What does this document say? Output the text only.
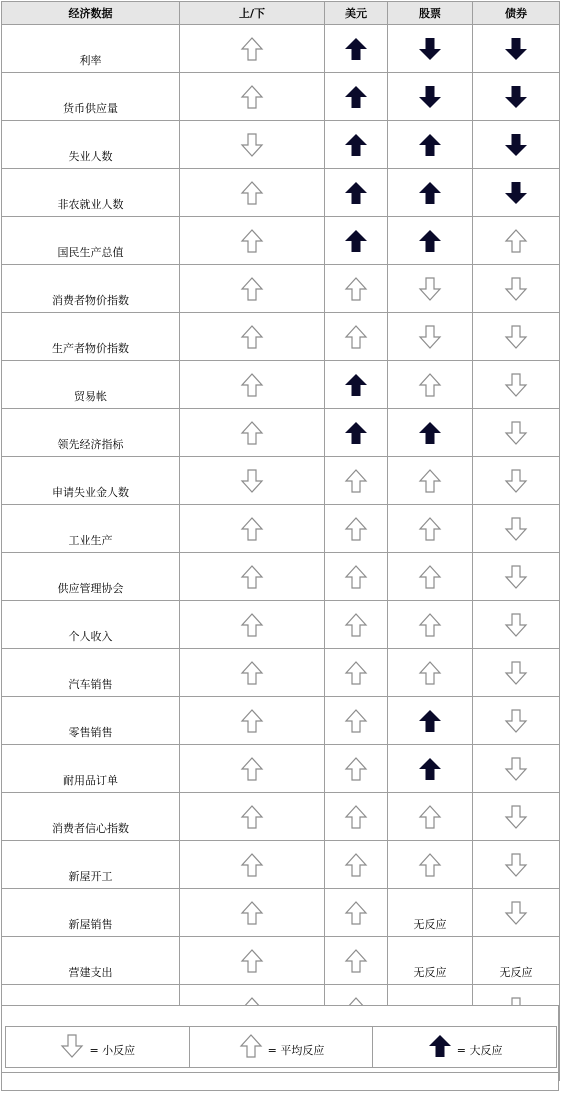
经济数据	上/下	美元	股票	债券
利率	

货币供应量	

失业人数	

非农就业人数	

国民生产总值	

消费者物价指数	

生产者物价指数	

贸易帐	

领先经济指标	

申请失业金人数	

工业生产	

供应管理协会	

个人收入	

汽车销售	

零售销售	

耐用品订单	

消费者信心指数	

新屋开工	

新屋销售			无反应	

营建支出			无反应	无反应

= 小反应	= 平均反应	= 大反应
